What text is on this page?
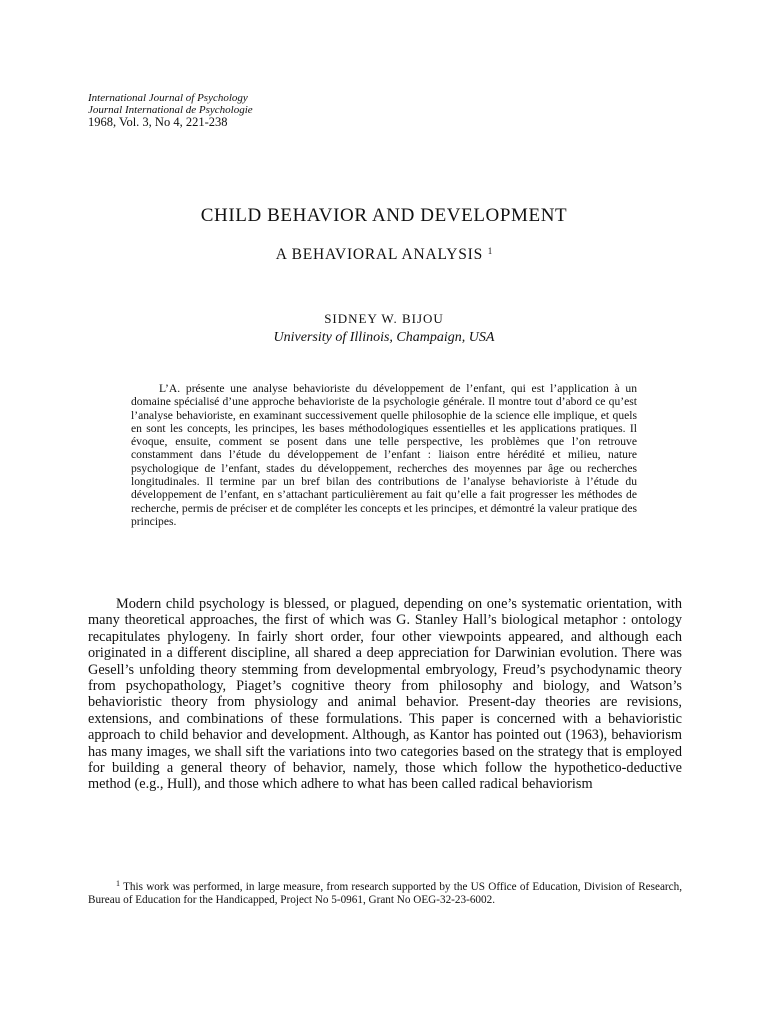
International Journal of Psychology
Journal International de Psychologie
1968, Vol. 3, No 4, 221-238
CHILD BEHAVIOR AND DEVELOPMENT
A BEHAVIORAL ANALYSIS $^1$
SIDNEY W. BIJOU
University of Illinois, Champaign, USA

L’A. présente une analyse behavioriste du développement de l’enfant, qui est l’application à un domaine spécialisé d’une approche behavioriste de la psychologie générale. Il montre tout d’abord ce qu’est l’analyse behavioriste, en examinant successivement quelle philosophie de la science elle implique, et quels en sont les concepts, les principes, les bases méthodologiques essentielles et les applications pratiques. Il évoque, ensuite, comment se posent dans une telle perspective, les problèmes que l’on retrouve constamment dans l’étude du développement de l’enfant : liaison entre hérédité et milieu, nature psychologique de l’enfant, stades du développement, recherches des moyennes par âge ou recherches longitudinales. Il termine par un bref bilan des contributions de l’analyse behavioriste à l’étude du développement de l’enfant, en s’attachant particulièrement au fait qu’elle a fait progresser les méthodes de recherche, permis de préciser et de compléter les concepts et les principes, et démontré la valeur pratique des principes.

Modern child psychology is blessed, or plagued, depending on one’s systematic orientation, with many theoretical approaches, the first of which was G. Stanley Hall’s biological metaphor : ontology recapitulates phylogeny. In fairly short order, four other viewpoints appeared, and although each originated in a different discipline, all shared a deep appreciation for Darwinian evolution. There was Gesell’s unfolding theory stemming from developmental embryology, Freud’s psychodynamic theory from psychopathology, Piaget’s cognitive theory from philosophy and biology, and Watson’s behavioristic theory from physiology and animal behavior. Present-day theories are revisions, extensions, and combinations of these formulations. This paper is concerned with a behavioristic approach to child behavior and development. Although, as Kantor has pointed out (1963), behaviorism has many images, we shall sift the variations into two categories based on the strategy that is employed for building a general theory of behavior, namely, those which follow the hypothetico-deductive method (e.g., Hull), and those which adhere to what has been called radical behaviorism

$^1$ This work was performed, in large measure, from research supported by the US Office of Education, Division of Research, Bureau of Education for the Handicapped, Project No 5-0961, Grant No OEG-32-23-6002.
